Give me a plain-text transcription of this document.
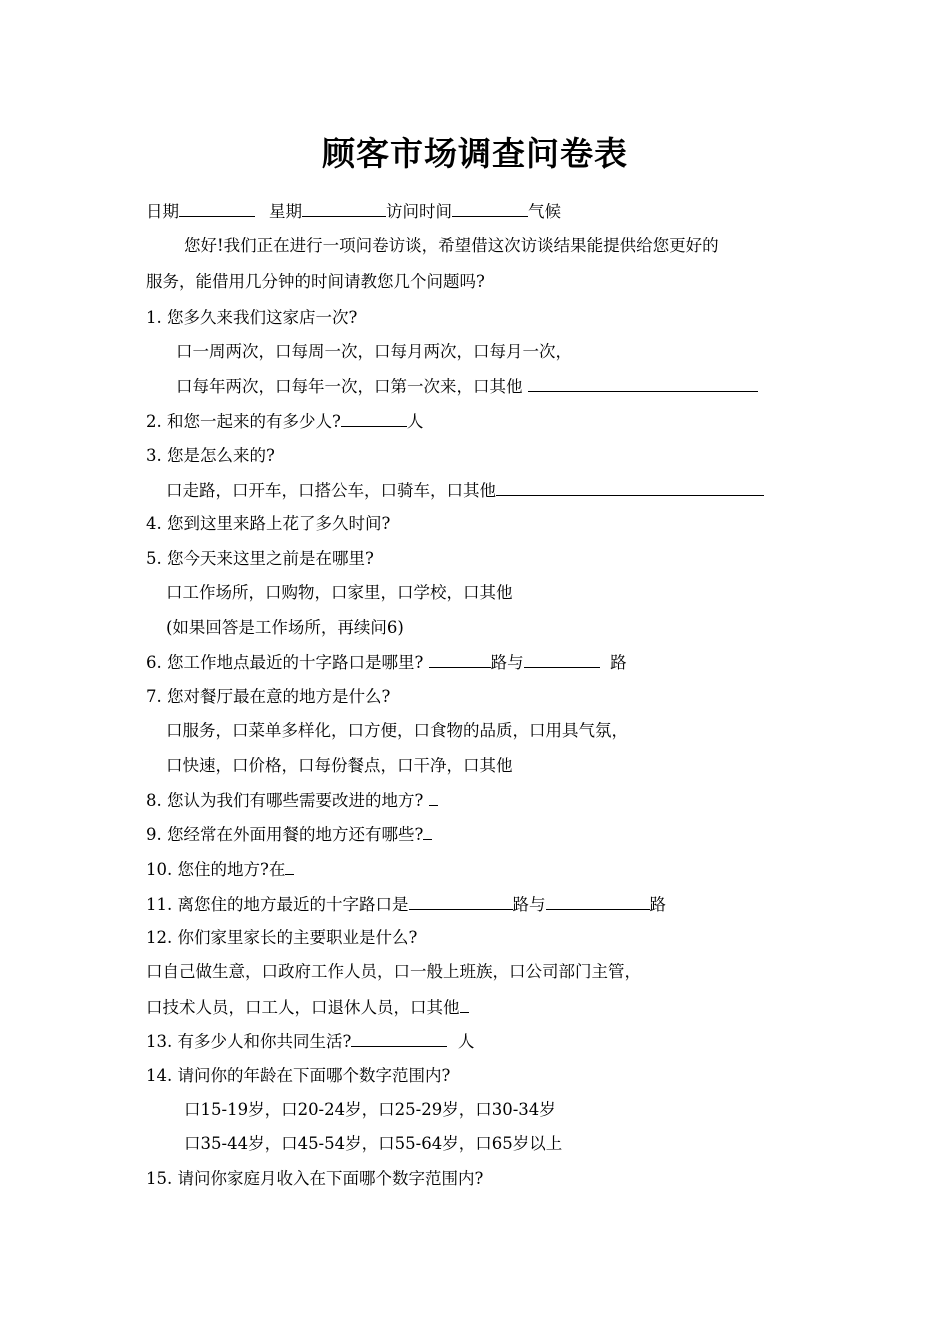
顾客市场调查问卷表
日期	星期	访问时间	气候
您好!我们正在进行一项问卷访谈，希望借这次访谈结果能提供给您更好的
服务，能借用几分钟的时间请教您几个问题吗?
1. 您多久来我们这家店一次?
口一周两次，口每周一次，口每月两次，口每月一次，
口每年两次，口每年一次，口第一次来，口其他
2. 和您一起来的有多少人?	人
3. 您是怎么来的?
口走路，口开车，口搭公车，口骑车，口其他
4. 您到这里来路上花了多久时间?
5. 您今天来这里之前是在哪里?
口工作场所，口购物，口家里，口学校，口其他
(如果回答是工作场所，再续问6)
6. 您工作地点最近的十字路口是哪里?	路与	路
7. 您对餐厅最在意的地方是什么?
口服务，口菜单多样化，口方便，口食物的品质，口用具气氛，
口快速，口价格，口每份餐点，口干净，口其他
8. 您认为我们有哪些需要改进的地方?
9. 您经常在外面用餐的地方还有哪些?
10. 您住的地方?在
11. 离您住的地方最近的十字路口是	路与	路
12. 你们家里家长的主要职业是什么?
口自己做生意，口政府工作人员，口一般上班族，口公司部门主管，
口技术人员，口工人，口退休人员，口其他
13. 有多少人和你共同生活?	人
14. 请问你的年龄在下面哪个数字范围内?
口15-19岁，口20-24岁，口25-29岁，口30-34岁
口35-44岁，口45-54岁，口55-64岁，口65岁以上
15. 请问你家庭月收入在下面哪个数字范围内?
